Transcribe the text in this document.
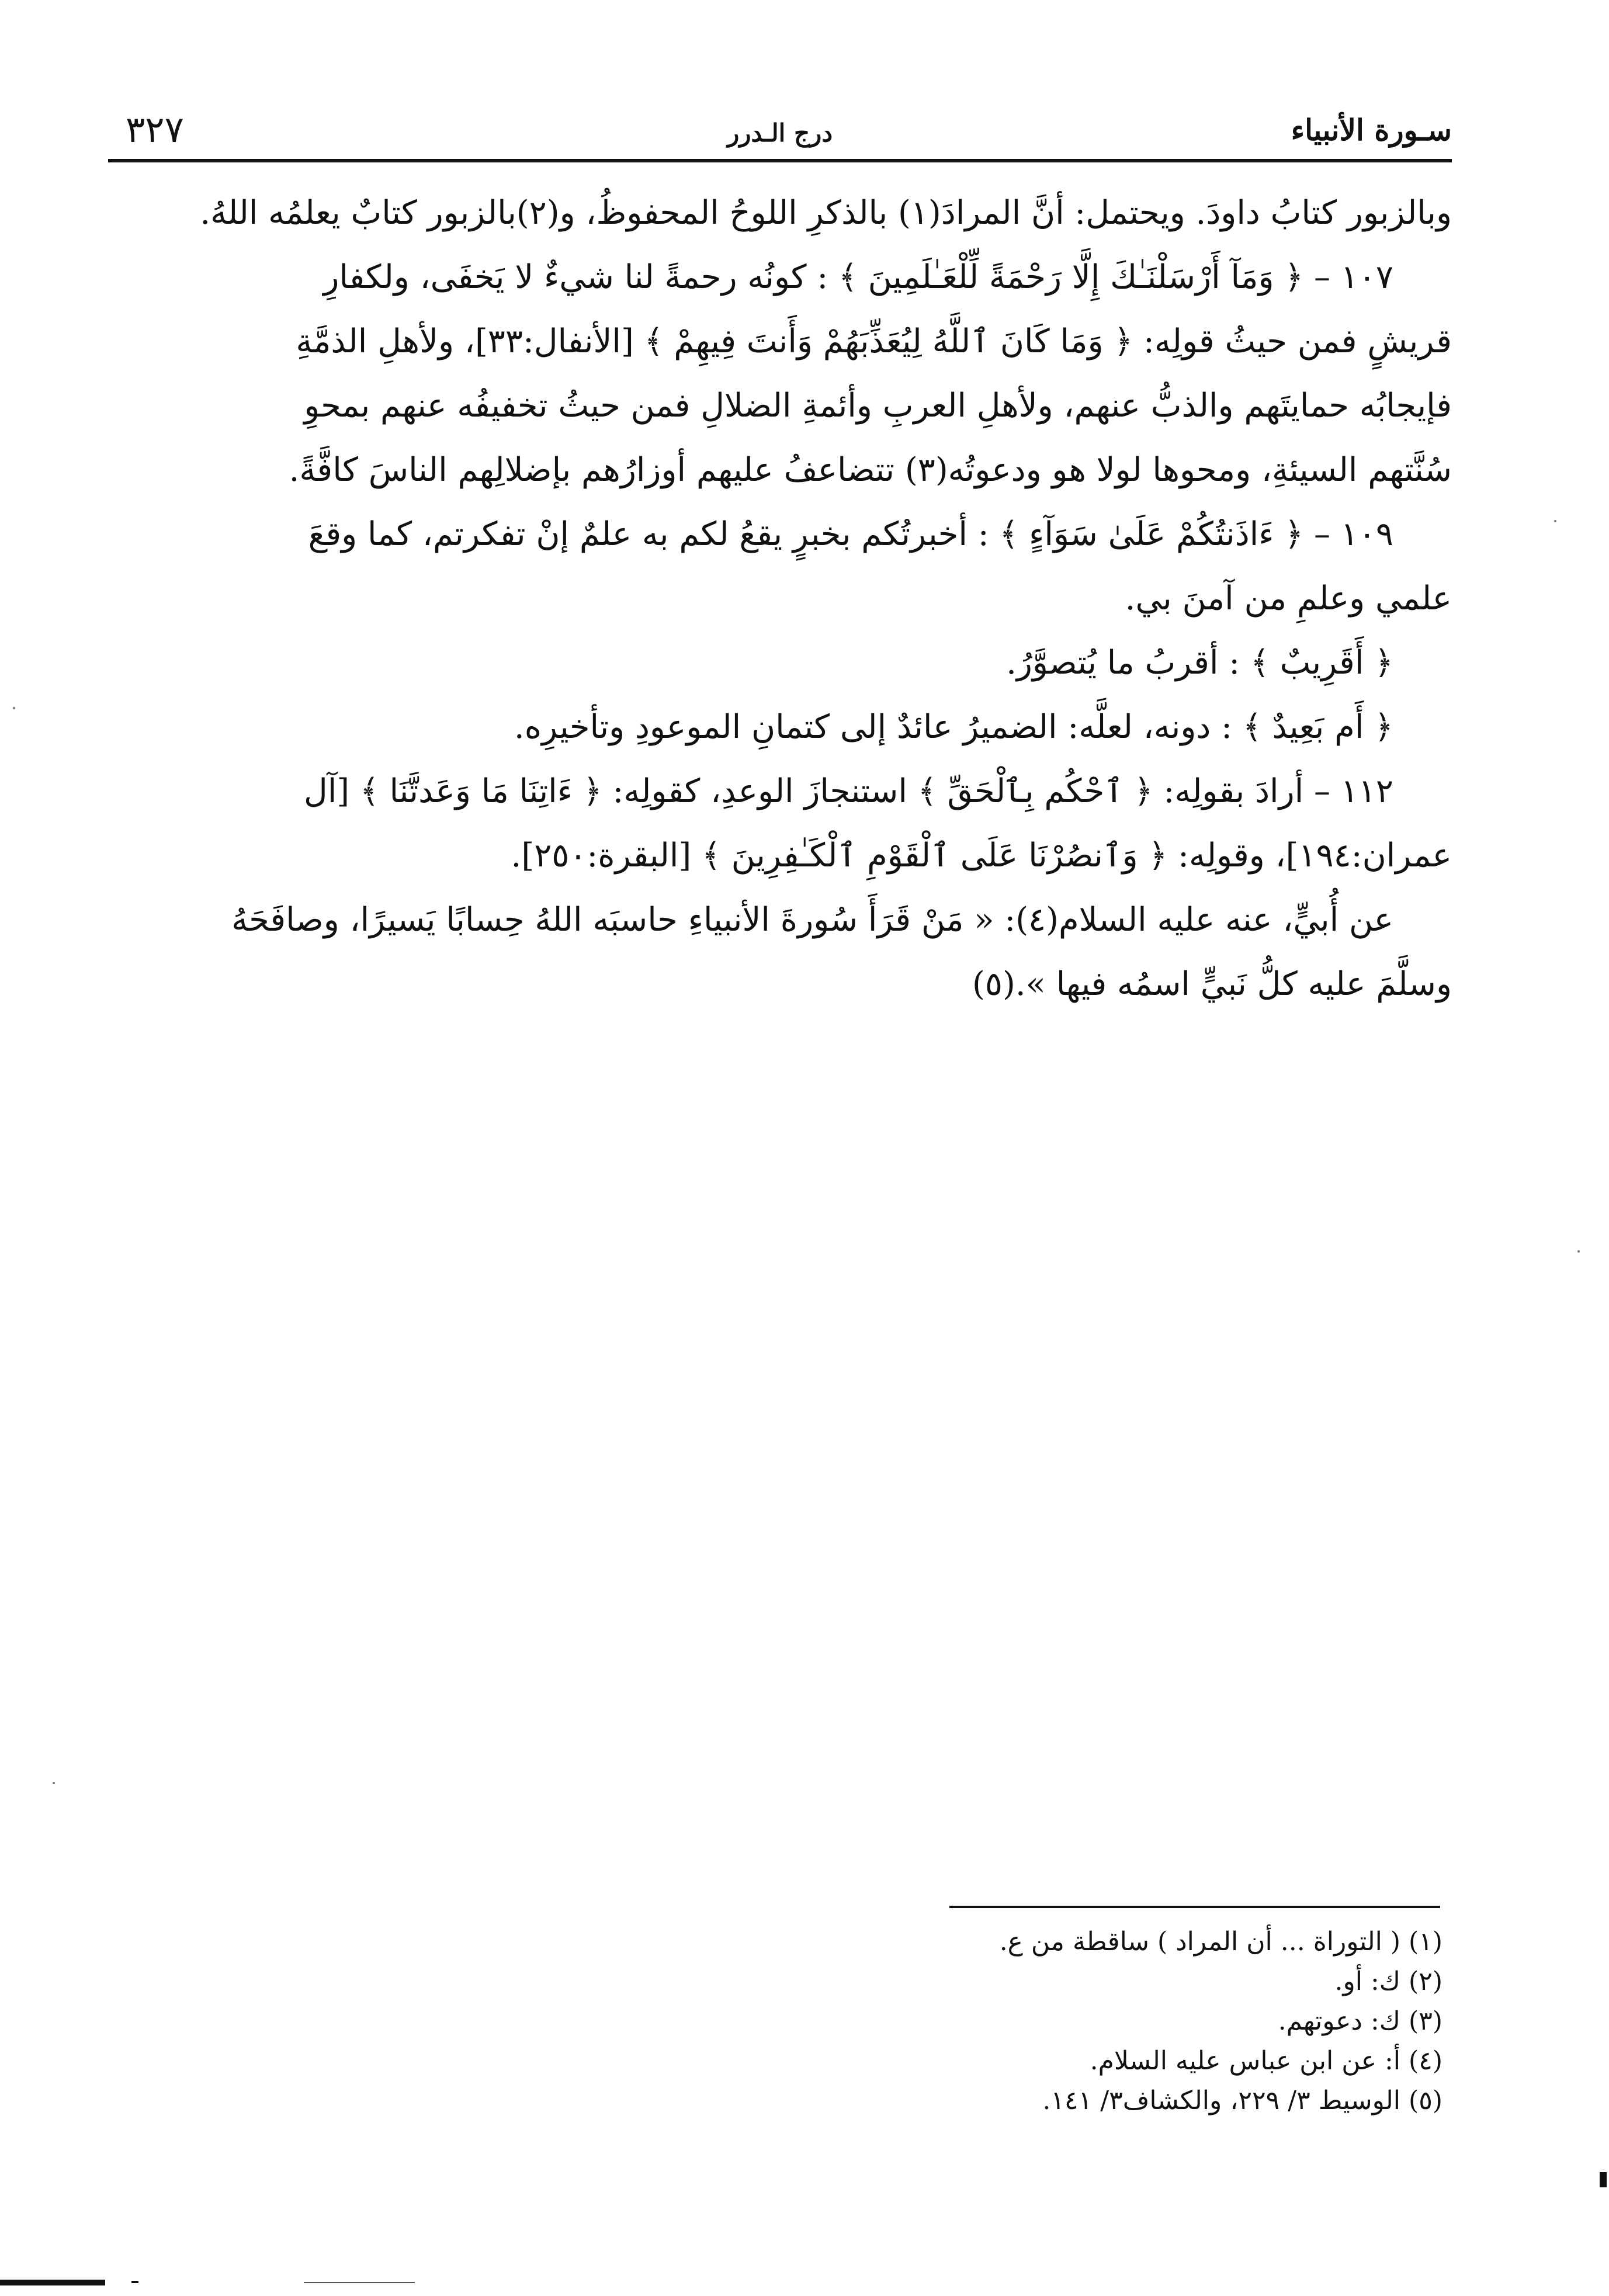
سـورة الأنبياء
درج الـدرر
٣٢٧
وبالزبور كتابُ داودَ. ويحتمل: أنَّ المرادَ(١) بالذكرِ اللوحُ المحفوظُ، و(٢)بالزبور كتابٌ يعلمُه اللهُ.
١٠٧ – ﴿ وَمَآ أَرْسَلْنَـٰكَ إِلَّا رَحْمَةً لِّلْعَـٰلَمِينَ ﴾ : كونُه رحمةً لنا شيءٌ لا يَخفَى، ولكفارِ
قريشٍ فمن حيثُ قولِه: ﴿ وَمَا كَانَ ٱللَّهُ لِيُعَذِّبَهُمْ وَأَنتَ فِيهِمْ ﴾ [الأنفال:٣٣]، ولأهلِ الذمَّةِ
فإيجابُه حمايتَهم والذبُّ عنهم، ولأهلِ العربِ وأئمةِ الضلالِ فمن حيثُ تخفيفُه عنهم بمحوِ
سُنَّتهم السيئةِ، ومحوها لولا هو ودعوتُه(٣) تتضاعفُ عليهم أوزارُهم بإضلالِهم الناسَ كافَّةً.
١٠٩ – ﴿ ءَاذَنتُكُمْ عَلَىٰ سَوَآءٍ ﴾ : أخبرتُكم بخبرٍ يقعُ لكم به علمٌ إنْ تفكرتم، كما وقعَ
علمي وعلمِ من آمنَ بي.
﴿ أَقَرِيبٌ ﴾ : أقربُ ما يُتصوَّرُ.
﴿ أَم بَعِيدٌ ﴾ : دونه، لعلَّه: الضميرُ عائدٌ إلى كتمانِ الموعودِ وتأخيرِه.
١١٢ – أرادَ بقولِه: ﴿ ٱحْكُم بِٱلْحَقِّ ﴾ استنجازَ الوعدِ، كقولِه: ﴿ ءَاتِنَا مَا وَعَدتَّنَا ﴾ [آل
عمران:١٩٤]، وقولِه: ﴿ وَٱنصُرْنَا عَلَى ٱلْقَوْمِ ٱلْكَـٰفِرِينَ ﴾ [البقرة:٢٥٠].
عن أُبيٍّ، عنه عليه السلام(٤): « مَنْ قَرَأَ سُورةَ الأنبياءِ حاسبَه اللهُ حِسابًا يَسيرًا، وصافَحَهُ
وسلَّمَ عليه كلُّ نَبيٍّ اسمُه فيها ».(٥)
(١) ( التوراة ... أن المراد ) ساقطة من ع.
(٢) ك: أو.
(٣) ك: دعوتهم.
(٤) أ: عن ابن عباس عليه السلام.
(٥) الوسيط ٣/ ٢٢٩، والكشاف٣/ ١٤١.
